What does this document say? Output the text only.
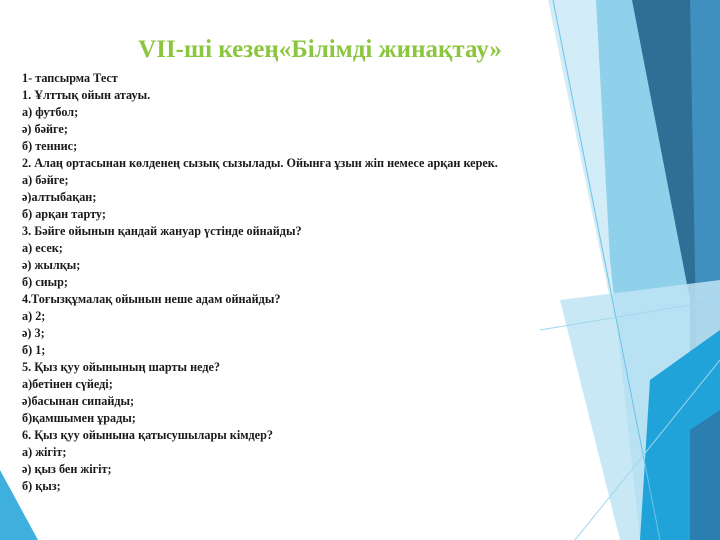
VII-ші кезең«Білімді жинақтау»
1- тапсырма Тест
1. Ұлттық ойын атауы.
а) футбол;
ә) бәйге;
б) теннис;
2. Алаң ортасынан көлденең сызық сызылады. Ойынға ұзын жіп немесе арқан керек.
а) бәйге;
ә)алтыбақан;
б) арқан тарту;
3. Бәйге ойынын қандай жануар үстінде ойнайды?
а) есек;
ә) жылқы;
б) сиыр;
4.Тоғызқұмалақ ойынын неше адам ойнайды?
а) 2;
ә) 3;
б) 1;
5. Қыз қуу ойынының шарты неде?
а)бетінен сүйеді;
ә)басынан сипайды;
б)қамшымен ұрады;
6. Қыз қуу ойынына қатысушылары кімдер?
а) жігіт;
ә) қыз бен жігіт;
б) қыз;
